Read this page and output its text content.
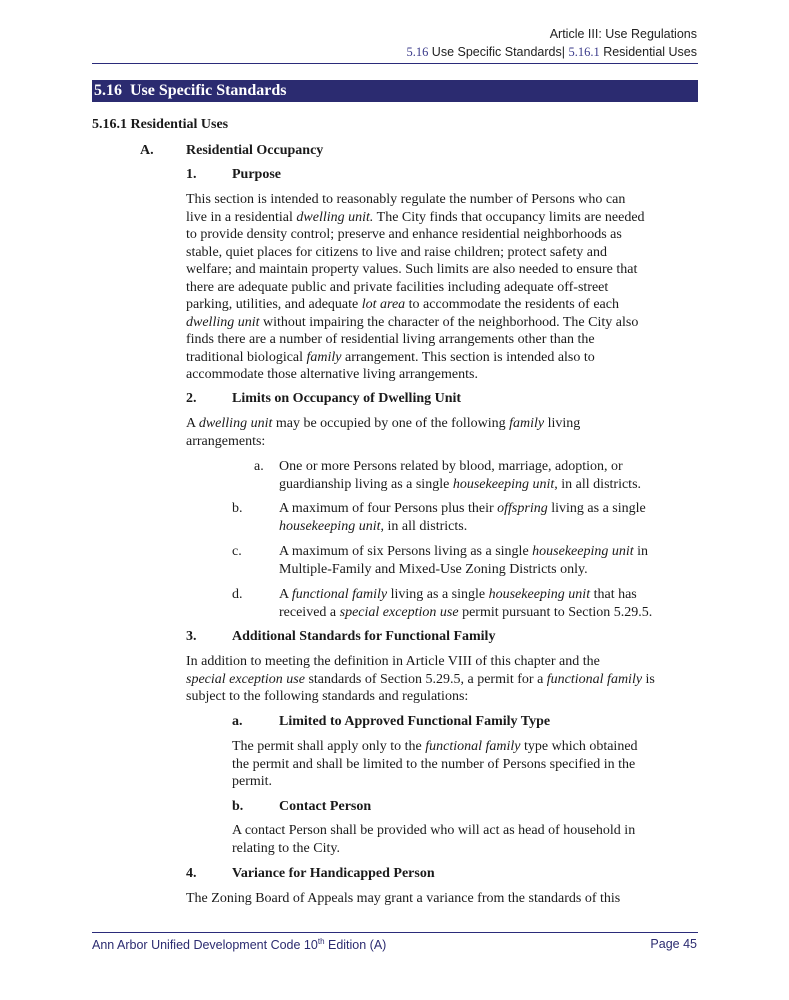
Article III: Use Regulations
5.16 Use Specific Standards| 5.16.1 Residential Uses
5.16 Use Specific Standards
5.16.1 Residential Uses
A. Residential Occupancy
1.	Purpose
This section is intended to reasonably regulate the number of Persons who can
live in a residential dwelling unit. The City finds that occupancy limits are needed
to provide density control; preserve and enhance residential neighborhoods as
stable, quiet places for citizens to live and raise children; protect safety and
welfare; and maintain property values. Such limits are also needed to ensure that
there are adequate public and private facilities including adequate off-street
parking, utilities, and adequate lot area to accommodate the residents of each
dwelling unit without impairing the character of the neighborhood. The City also
finds there are a number of residential living arrangements other than the
traditional biological family arrangement. This section is intended also to
accommodate those alternative living arrangements.
2.	Limits on Occupancy of Dwelling Unit
A dwelling unit may be occupied by one of the following family living
arrangements:
a. One or more Persons related by blood, marriage, adoption, or
guardianship living as a single housekeeping unit, in all districts.
b.	A maximum of four Persons plus their offspring living as a single
housekeeping unit, in all districts.
c.	A maximum of six Persons living as a single housekeeping unit in
Multiple-Family and Mixed-Use Zoning Districts only.
d.	A functional family living as a single housekeeping unit that has
received a special exception use permit pursuant to Section 5.29.5.
3.	Additional Standards for Functional Family
In addition to meeting the definition in Article VIII of this chapter and the
special exception use standards of Section 5.29.5, a permit for a functional family is
subject to the following standards and regulations:
a.	Limited to Approved Functional Family Type
The permit shall apply only to the functional family type which obtained
the permit and shall be limited to the number of Persons specified in the
permit.
b.	Contact Person
A contact Person shall be provided who will act as head of household in
relating to the City.
4.	Variance for Handicapped Person
The Zoning Board of Appeals may grant a variance from the standards of this
Ann Arbor Unified Development Code 10th Edition (A)	Page 45
